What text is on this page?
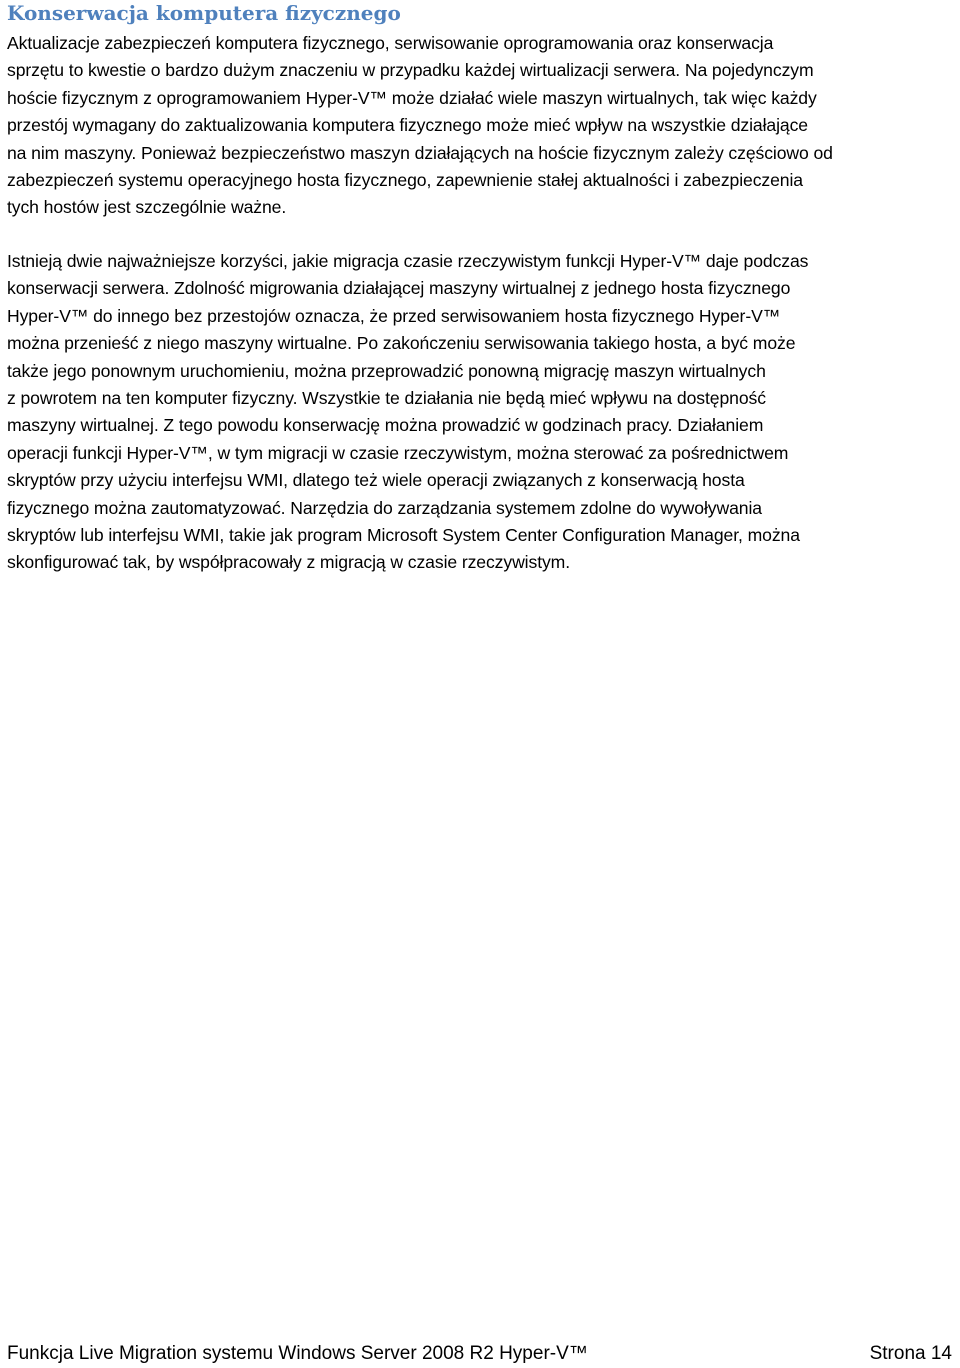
Konserwacja komputera fizycznego

Aktualizacje zabezpieczeń komputera fizycznego, serwisowanie oprogramowania oraz konserwacja
sprzętu to kwestie o bardzo dużym znaczeniu w przypadku każdej wirtualizacji serwera. Na pojedynczym
hoście fizycznym z oprogramowaniem Hyper-V™ może działać wiele maszyn wirtualnych, tak więc każdy
przestój wymagany do zaktualizowania komputera fizycznego może mieć wpływ na wszystkie działające
na nim maszyny. Ponieważ bezpieczeństwo maszyn działających na hoście fizycznym zależy częściowo od
zabezpieczeń systemu operacyjnego hosta fizycznego, zapewnienie stałej aktualności i zabezpieczenia
tych hostów jest szczególnie ważne.

Istnieją dwie najważniejsze korzyści, jakie migracja czasie rzeczywistym funkcji Hyper-V™ daje podczas
konserwacji serwera. Zdolność migrowania działającej maszyny wirtualnej z jednego hosta fizycznego
Hyper-V™ do innego bez przestojów oznacza, że przed serwisowaniem hosta fizycznego Hyper-V™
można przenieść z niego maszyny wirtualne. Po zakończeniu serwisowania takiego hosta, a być może
także jego ponownym uruchomieniu, można przeprowadzić ponowną migrację maszyn wirtualnych
z powrotem na ten komputer fizyczny. Wszystkie te działania nie będą mieć wpływu na dostępność
maszyny wirtualnej. Z tego powodu konserwację można prowadzić w godzinach pracy. Działaniem
operacji funkcji Hyper-V™, w tym migracji w czasie rzeczywistym, można sterować za pośrednictwem
skryptów przy użyciu interfejsu WMI, dlatego też wiele operacji związanych z konserwacją hosta
fizycznego można zautomatyzować. Narzędzia do zarządzania systemem zdolne do wywoływania
skryptów lub interfejsu WMI, takie jak program Microsoft System Center Configuration Manager, można
skonfigurować tak, by współpracowały z migracją w czasie rzeczywistym.

Funkcja Live Migration systemu Windows Server 2008 R2 Hyper-V™	Strona 14
